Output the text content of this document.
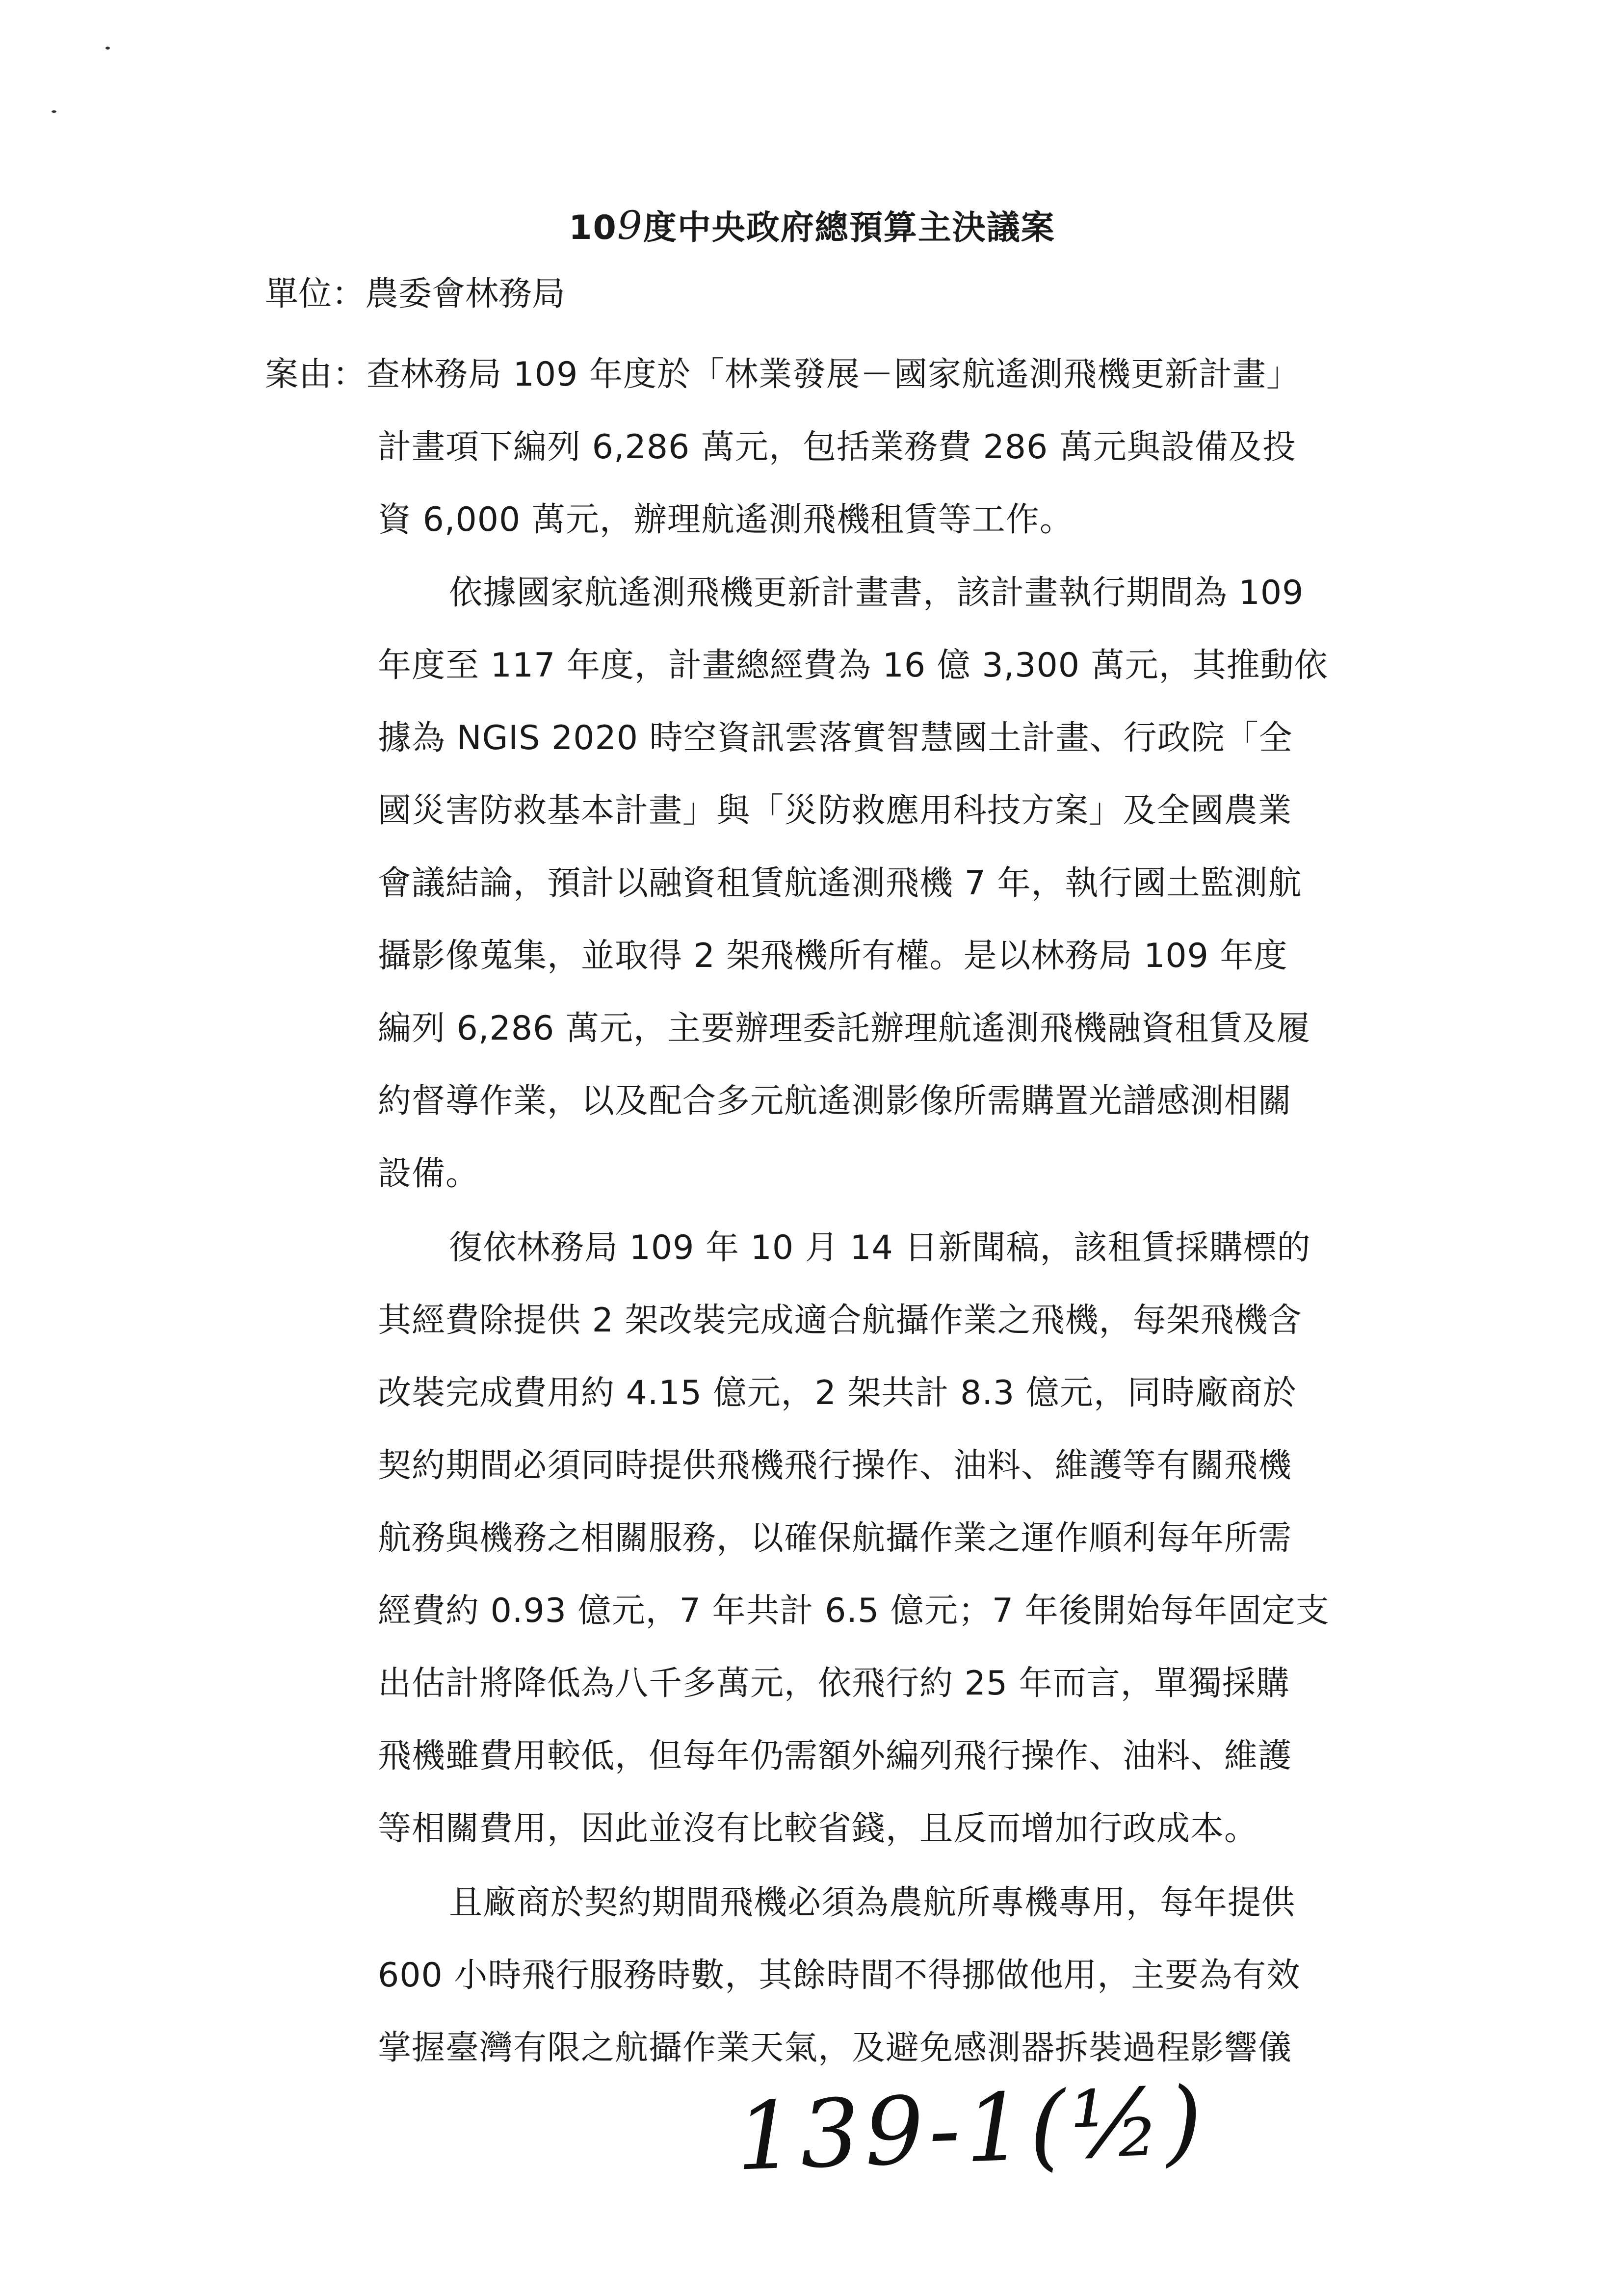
109度中央政府總預算主決議案
單位：農委會林務局
案由：查林務局 109 年度於「林業發展－國家航遙測飛機更新計畫」
計畫項下編列 6,286 萬元，包括業務費 286 萬元與設備及投
資 6,000 萬元，辦理航遙測飛機租賃等工作。
依據國家航遙測飛機更新計畫書，該計畫執行期間為 109
年度至 117 年度，計畫總經費為 16 億 3,300 萬元，其推動依
據為 NGIS 2020 時空資訊雲落實智慧國土計畫、行政院「全
國災害防救基本計畫」與「災防救應用科技方案」及全國農業
會議結論，預計以融資租賃航遙測飛機 7 年，執行國土監測航
攝影像蒐集，並取得 2 架飛機所有權。是以林務局 109 年度
編列 6,286 萬元，主要辦理委託辦理航遙測飛機融資租賃及履
約督導作業，以及配合多元航遙測影像所需購置光譜感測相關
設備。
復依林務局 109 年 10 月 14 日新聞稿，該租賃採購標的
其經費除提供 2 架改裝完成適合航攝作業之飛機，每架飛機含
改裝完成費用約 4.15 億元，2 架共計 8.3 億元，同時廠商於
契約期間必須同時提供飛機飛行操作、油料、維護等有關飛機
航務與機務之相關服務，以確保航攝作業之運作順利每年所需
經費約 0.93 億元，7 年共計 6.5 億元；7 年後開始每年固定支
出估計將降低為八千多萬元，依飛行約 25 年而言，單獨採購
飛機雖費用較低，但每年仍需額外編列飛行操作、油料、維護
等相關費用，因此並沒有比較省錢，且反而增加行政成本。
且廠商於契約期間飛機必須為農航所專機專用，每年提供
600 小時飛行服務時數，其餘時間不得挪做他用，主要為有效
掌握臺灣有限之航攝作業天氣，及避免感測器拆裝過程影響儀
139-1(½)
